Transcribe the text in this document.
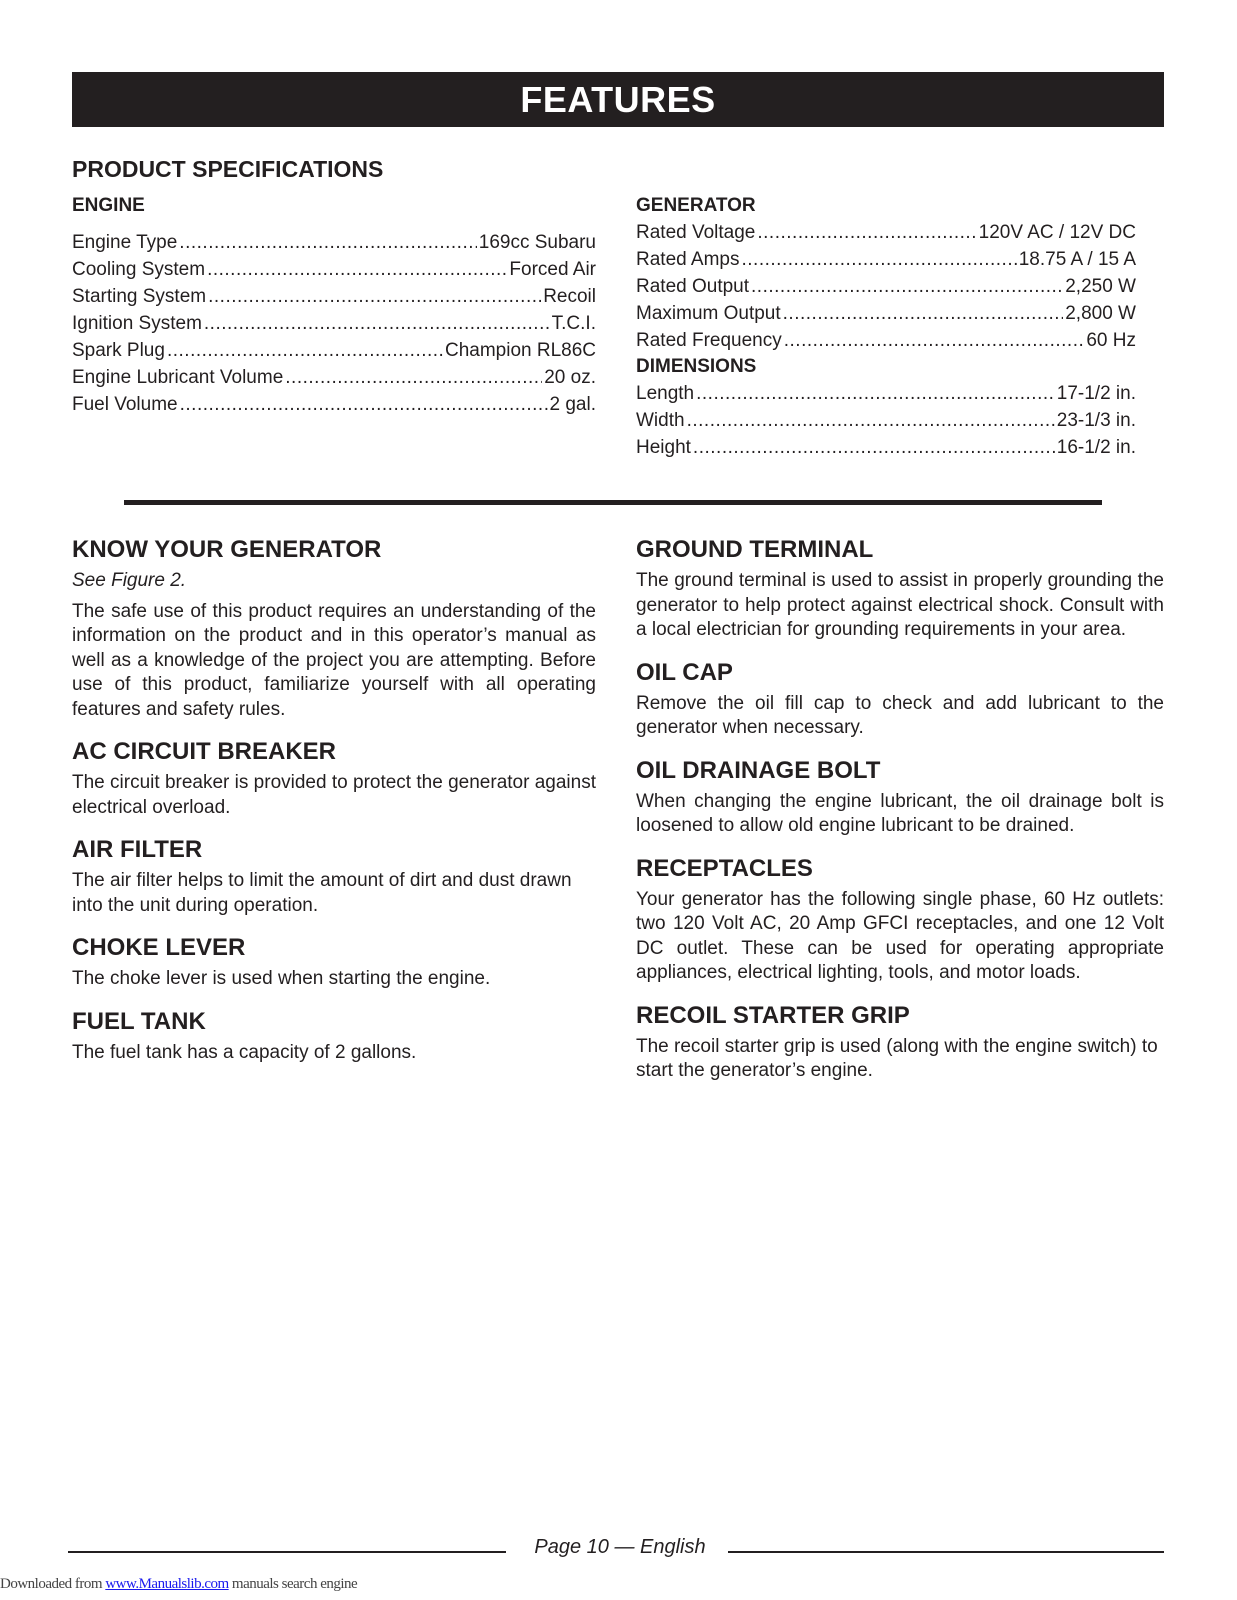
FEATURES
PRODUCT SPECIFICATIONS
ENGINE
Engine Type .....	169cc Subaru
Cooling System .....	Forced Air
Starting System .....	Recoil
Ignition System .....	T.C.I.
Spark Plug .....	Champion RL86C
Engine Lubricant Volume .....	20 oz.
Fuel Volume .....	2 gal.
GENERATOR
Rated Voltage .....	120V AC / 12V DC
Rated Amps .....	18.75 A / 15 A
Rated Output .....	2,250 W
Maximum Output .....	2,800 W
Rated Frequency .....	60 Hz
DIMENSIONS
Length .....	17-1/2 in.
Width .....	23-1/3 in.
Height .....	16-1/2 in.
KNOW YOUR GENERATOR

See Figure 2.

The safe use of this product requires an understanding of the information on the product and in this operator’s manual as well as a knowledge of the project you are attempting. Before use of this product, familiarize yourself with all operating features and safety rules.

AC CIRCUIT BREAKER

The circuit breaker is provided to protect the generator against electrical overload.

AIR FILTER

The air filter helps to limit the amount of dirt and dust drawn into the unit during operation.

CHOKE LEVER

The choke lever is used when starting the engine.

FUEL TANK

The fuel tank has a capacity of 2 gallons.

GROUND TERMINAL

The ground terminal is used to assist in properly grounding the generator to help protect against electrical shock. Consult with a local electrician for grounding requirements in your area.

OIL CAP

Remove the oil fill cap to check and add lubricant to the generator when necessary.

OIL DRAINAGE BOLT

When changing the engine lubricant, the oil drainage bolt is loosened to allow old engine lubricant to be drained.

RECEPTACLES

Your generator has the following single phase, 60 Hz outlets: two 120 Volt AC, 20 Amp GFCI receptacles, and one 12 Volt DC outlet. These can be used for operating appropriate appliances, electrical lighting, tools, and motor loads.

RECOIL STARTER GRIP

The recoil starter grip is used (along with the engine switch) to start the generator’s engine.

Page 10 — English
Downloaded from www.Manualslib.com manuals search engine
